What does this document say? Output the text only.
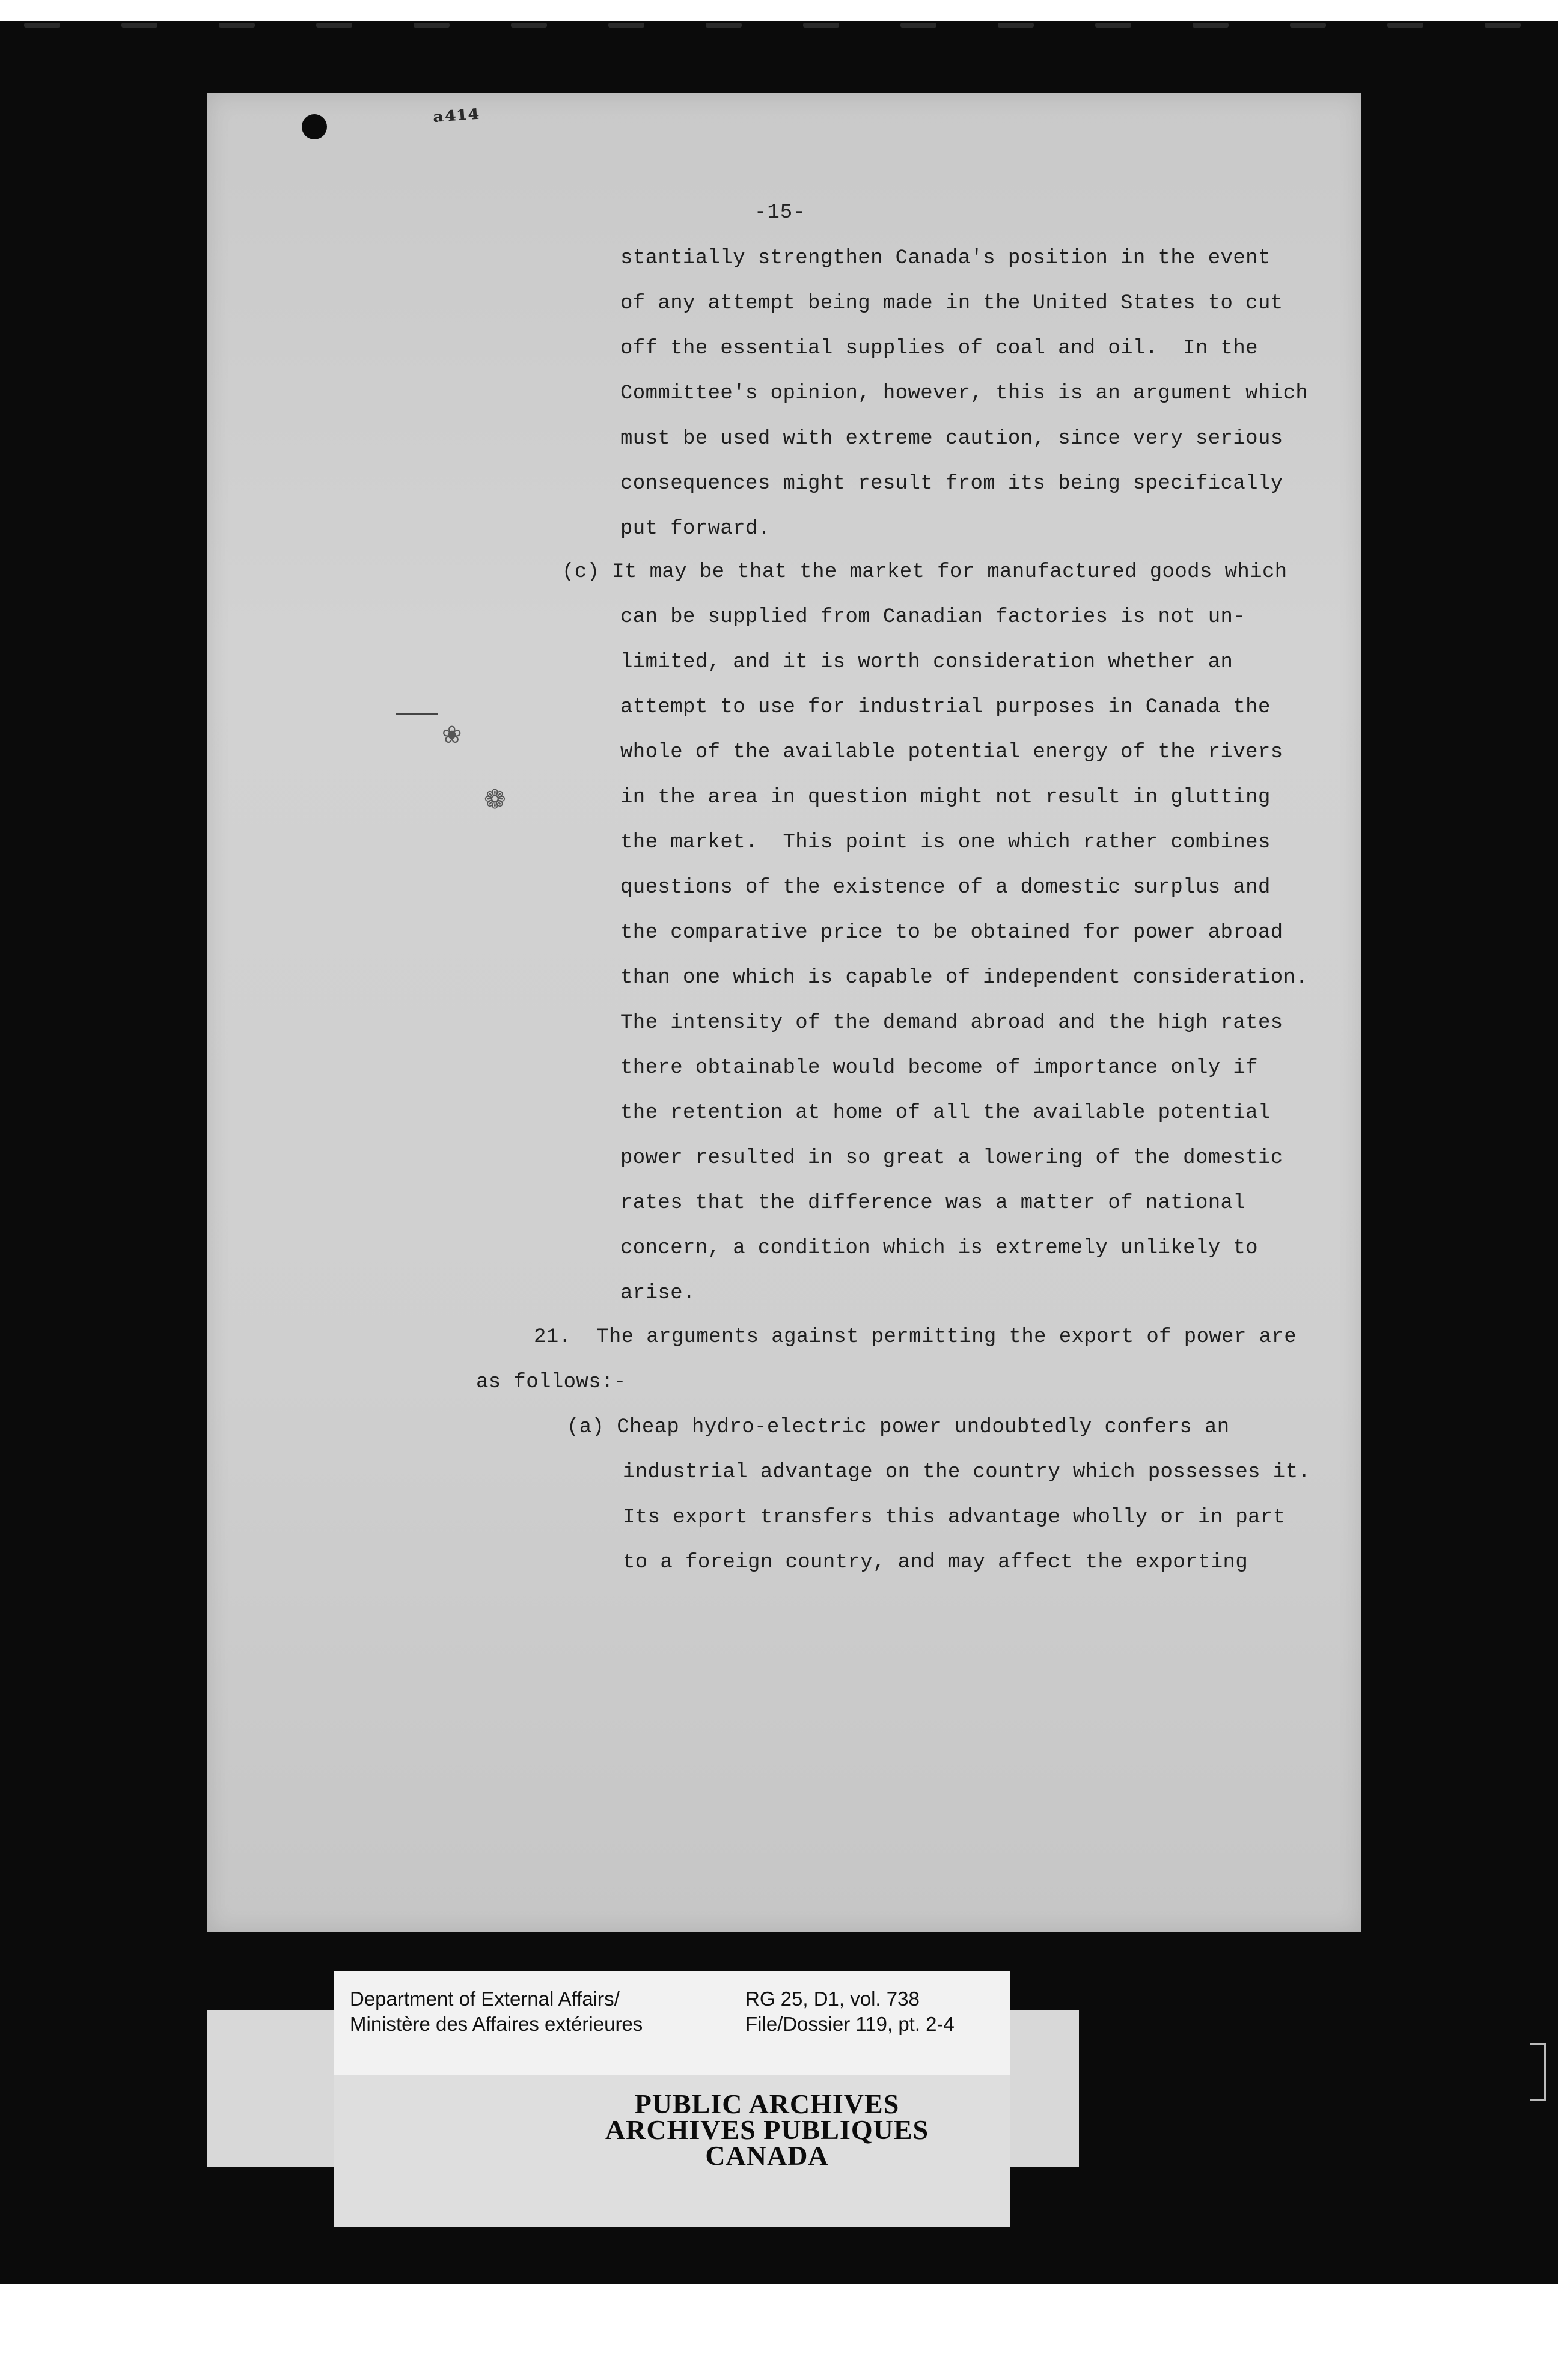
ᵃ⁴¹⁴
-15-
stantially strengthen Canada's position in the event
of any attempt being made in the United States to cut
off the essential supplies of coal and oil.  In the
Committee's opinion, however, this is an argument which
must be used with extreme caution, since very serious
consequences might result from its being specifically
put forward.
(c) It may be that the market for manufactured goods which
can be supplied from Canadian factories is not un-
limited, and it is worth consideration whether an
attempt to use for industrial purposes in Canada the
whole of the available potential energy of the rivers
in the area in question might not result in glutting
the market.  This point is one which rather combines
questions of the existence of a domestic surplus and
the comparative price to be obtained for power abroad
than one which is capable of independent consideration.
The intensity of the demand abroad and the high rates
there obtainable would become of importance only if
the retention at home of all the available potential
power resulted in so great a lowering of the domestic
rates that the difference was a matter of national
concern, a condition which is extremely unlikely to
arise.
21.  The arguments against permitting the export of power are
as follows:-
(a) Cheap hydro-electric power undoubtedly confers an
industrial advantage on the country which possesses it.
Its export transfers this advantage wholly or in part
to a foreign country, and may affect the exporting
❀
❁
Department of External Affairs/
Ministère des Affaires extérieures
RG 25, D1, vol. 738
File/Dossier 119, pt. 2-4
PUBLIC ARCHIVES
ARCHIVES PUBLIQUES
CANADA
